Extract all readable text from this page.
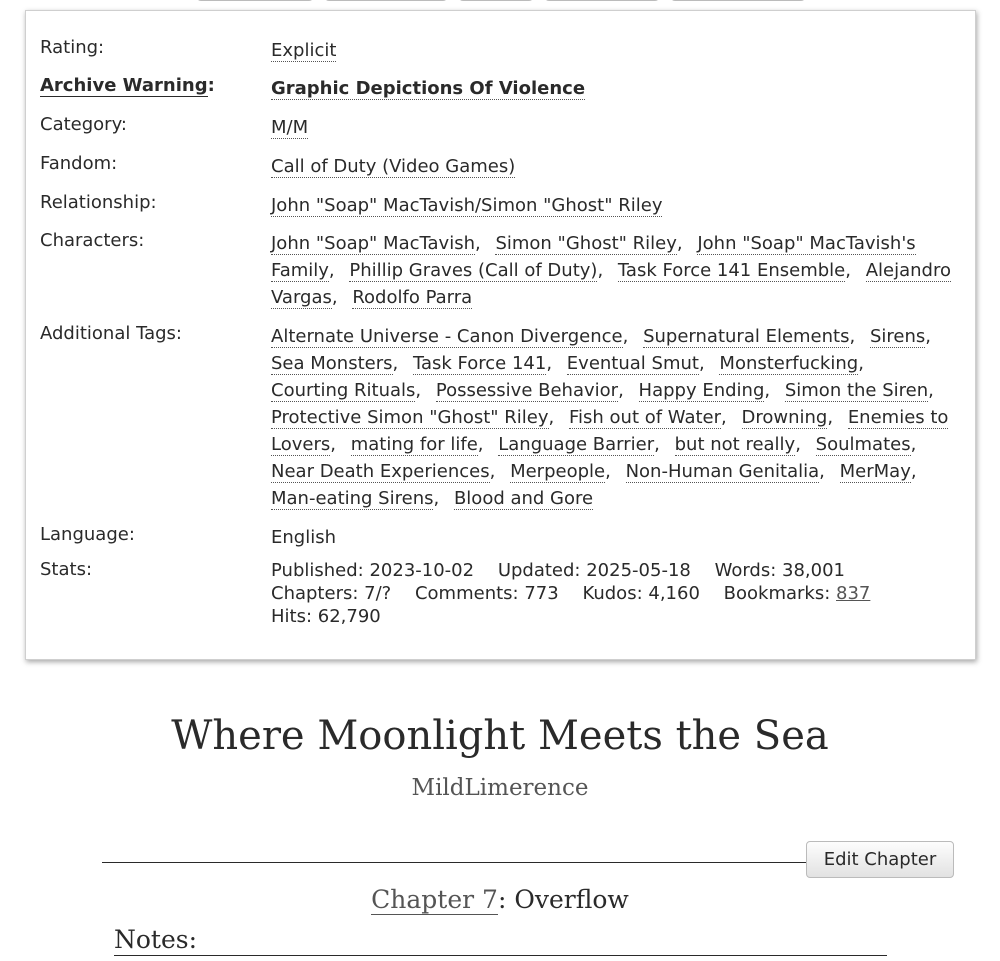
Rating:	Explicit
Archive Warning:	Graphic Depictions Of Violence
Category:	M/M
Fandom:	Call of Duty (Video Games)
Relationship:	John "Soap" MacTavish/Simon "Ghost" Riley
Characters:	John "Soap" MacTavish, Simon "Ghost" Riley, John "Soap" MacTavish's Family, Phillip Graves (Call of Duty), Task Force 141 Ensemble, Alejandro Vargas, Rodolfo Parra
Additional Tags:	Alternate Universe - Canon Divergence, Supernatural Elements, Sirens, Sea Monsters, Task Force 141, Eventual Smut, Monsterfucking, Courting Rituals, Possessive Behavior, Happy Ending, Simon the Siren, Protective Simon "Ghost" Riley, Fish out of Water, Drowning, Enemies to Lovers, mating for life, Language Barrier, but not really, Soulmates, Near Death Experiences, Merpeople, Non-Human Genitalia, MerMay, Man-eating Sirens, Blood and Gore
Language:	English
Stats:	Published: 2023-10-02 Updated: 2025-05-18 Words: 38,001
Chapters: 7/? Comments: 773 Kudos: 4,160 Bookmarks: 837
Hits: 62,790
Where Moonlight Meets the Sea
MildLimerence
Edit Chapter
Chapter 7: Overflow
Notes:
